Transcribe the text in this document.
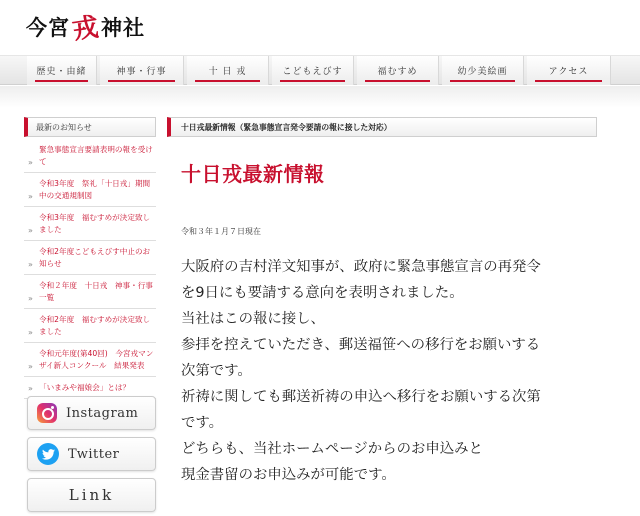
今宮 戎 神社
歴史・由緒	神事・行事	十 日 戎	こどもえびす	福むすめ	幼少美絵画	アクセス
最新のお知らせ
» 緊急事態宣言要請表明の報を受けて
» 令和3年度　祭礼「十日戎」期間中の交通規制図
» 令和3年度　福むすめが決定致しました
» 令和2年度こどもえびす中止のお知らせ
» 令和２年度　十日戎　神事・行事一覧
» 令和2年度　福むすめが決定致しました
» 令和元年度(第40回)　今宮戎マンザイ新人コンクール　結果発表
» 「いまみや福娘会」とは？
Instagram
Twitter
Link
十日戎最新情報（緊急事態宣言発令要請の報に接した対応）
十日戎最新情報
令和３年１月７日現在

大阪府の吉村洋文知事が、政府に緊急事態宣言の再発令

を9日にも要請する意向を表明されました。

当社はこの報に接し、

参拝を控えていただき、郵送福笹への移行をお願いする

次第です。

祈祷に関しても郵送祈祷の申込へ移行をお願いする次第

です。

どちらも、当社ホームページからのお申込みと

現金書留のお申込みが可能です。
